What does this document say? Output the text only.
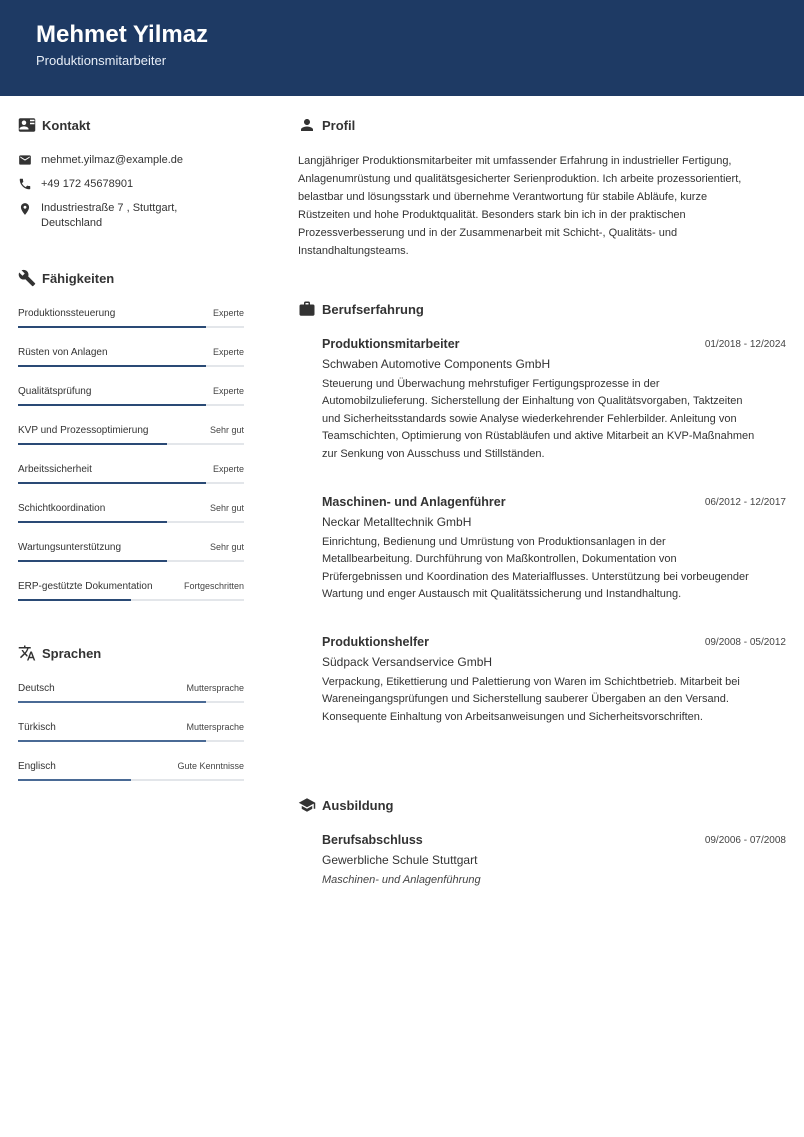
Mehmet Yilmaz
Produktionsmitarbeiter
Kontakt
mehmet.yilmaz@example.de
+49 172 45678901
Industriestraße 7 , Stuttgart,
Deutschland
Fähigkeiten
Produktionssteuerung	Experte
Rüsten von Anlagen	Experte
Qualitätsprüfung	Experte
KVP und Prozessoptimierung	Sehr gut
Arbeitssicherheit	Experte
Schichtkoordination	Sehr gut
Wartungsunterstützung	Sehr gut
ERP-gestützte Dokumentation	Fortgeschritten
Sprachen
Deutsch	Muttersprache
Türkisch	Muttersprache
Englisch	Gute Kenntnisse
Profil
Langjähriger Produktionsmitarbeiter mit umfassender Erfahrung in industrieller Fertigung,
Anlagenumrüstung und qualitätsgesicherter Serienproduktion. Ich arbeite prozessorientiert,
belastbar und lösungsstark und übernehme Verantwortung für stabile Abläufe, kurze
Rüstzeiten und hohe Produktqualität. Besonders stark bin ich in der praktischen
Prozessverbesserung und in der Zusammenarbeit mit Schicht-, Qualitäts- und
Instandhaltungsteams.
Berufserfahrung
Produktionsmitarbeiter	01/2018 - 12/2024
Schwaben Automotive Components GmbH
Steuerung und Überwachung mehrstufiger Fertigungsprozesse in der
Automobilzulieferung. Sicherstellung der Einhaltung von Qualitätsvorgaben, Taktzeiten
und Sicherheitsstandards sowie Analyse wiederkehrender Fehlerbilder. Anleitung von
Teamschichten, Optimierung von Rüstabläufen und aktive Mitarbeit an KVP-Maßnahmen
zur Senkung von Ausschuss und Stillständen.
Maschinen- und Anlagenführer	06/2012 - 12/2017
Neckar Metalltechnik GmbH
Einrichtung, Bedienung und Umrüstung von Produktionsanlagen in der
Metallbearbeitung. Durchführung von Maßkontrollen, Dokumentation von
Prüfergebnissen und Koordination des Materialflusses. Unterstützung bei vorbeugender
Wartung und enger Austausch mit Qualitätssicherung und Instandhaltung.
Produktionshelfer	09/2008 - 05/2012
Südpack Versandservice GmbH
Verpackung, Etikettierung und Palettierung von Waren im Schichtbetrieb. Mitarbeit bei
Wareneingangsprüfungen und Sicherstellung sauberer Übergaben an den Versand.
Konsequente Einhaltung von Arbeitsanweisungen und Sicherheitsvorschriften.
Ausbildung
Berufsabschluss	09/2006 - 07/2008
Gewerbliche Schule Stuttgart
Maschinen- und Anlagenführung
